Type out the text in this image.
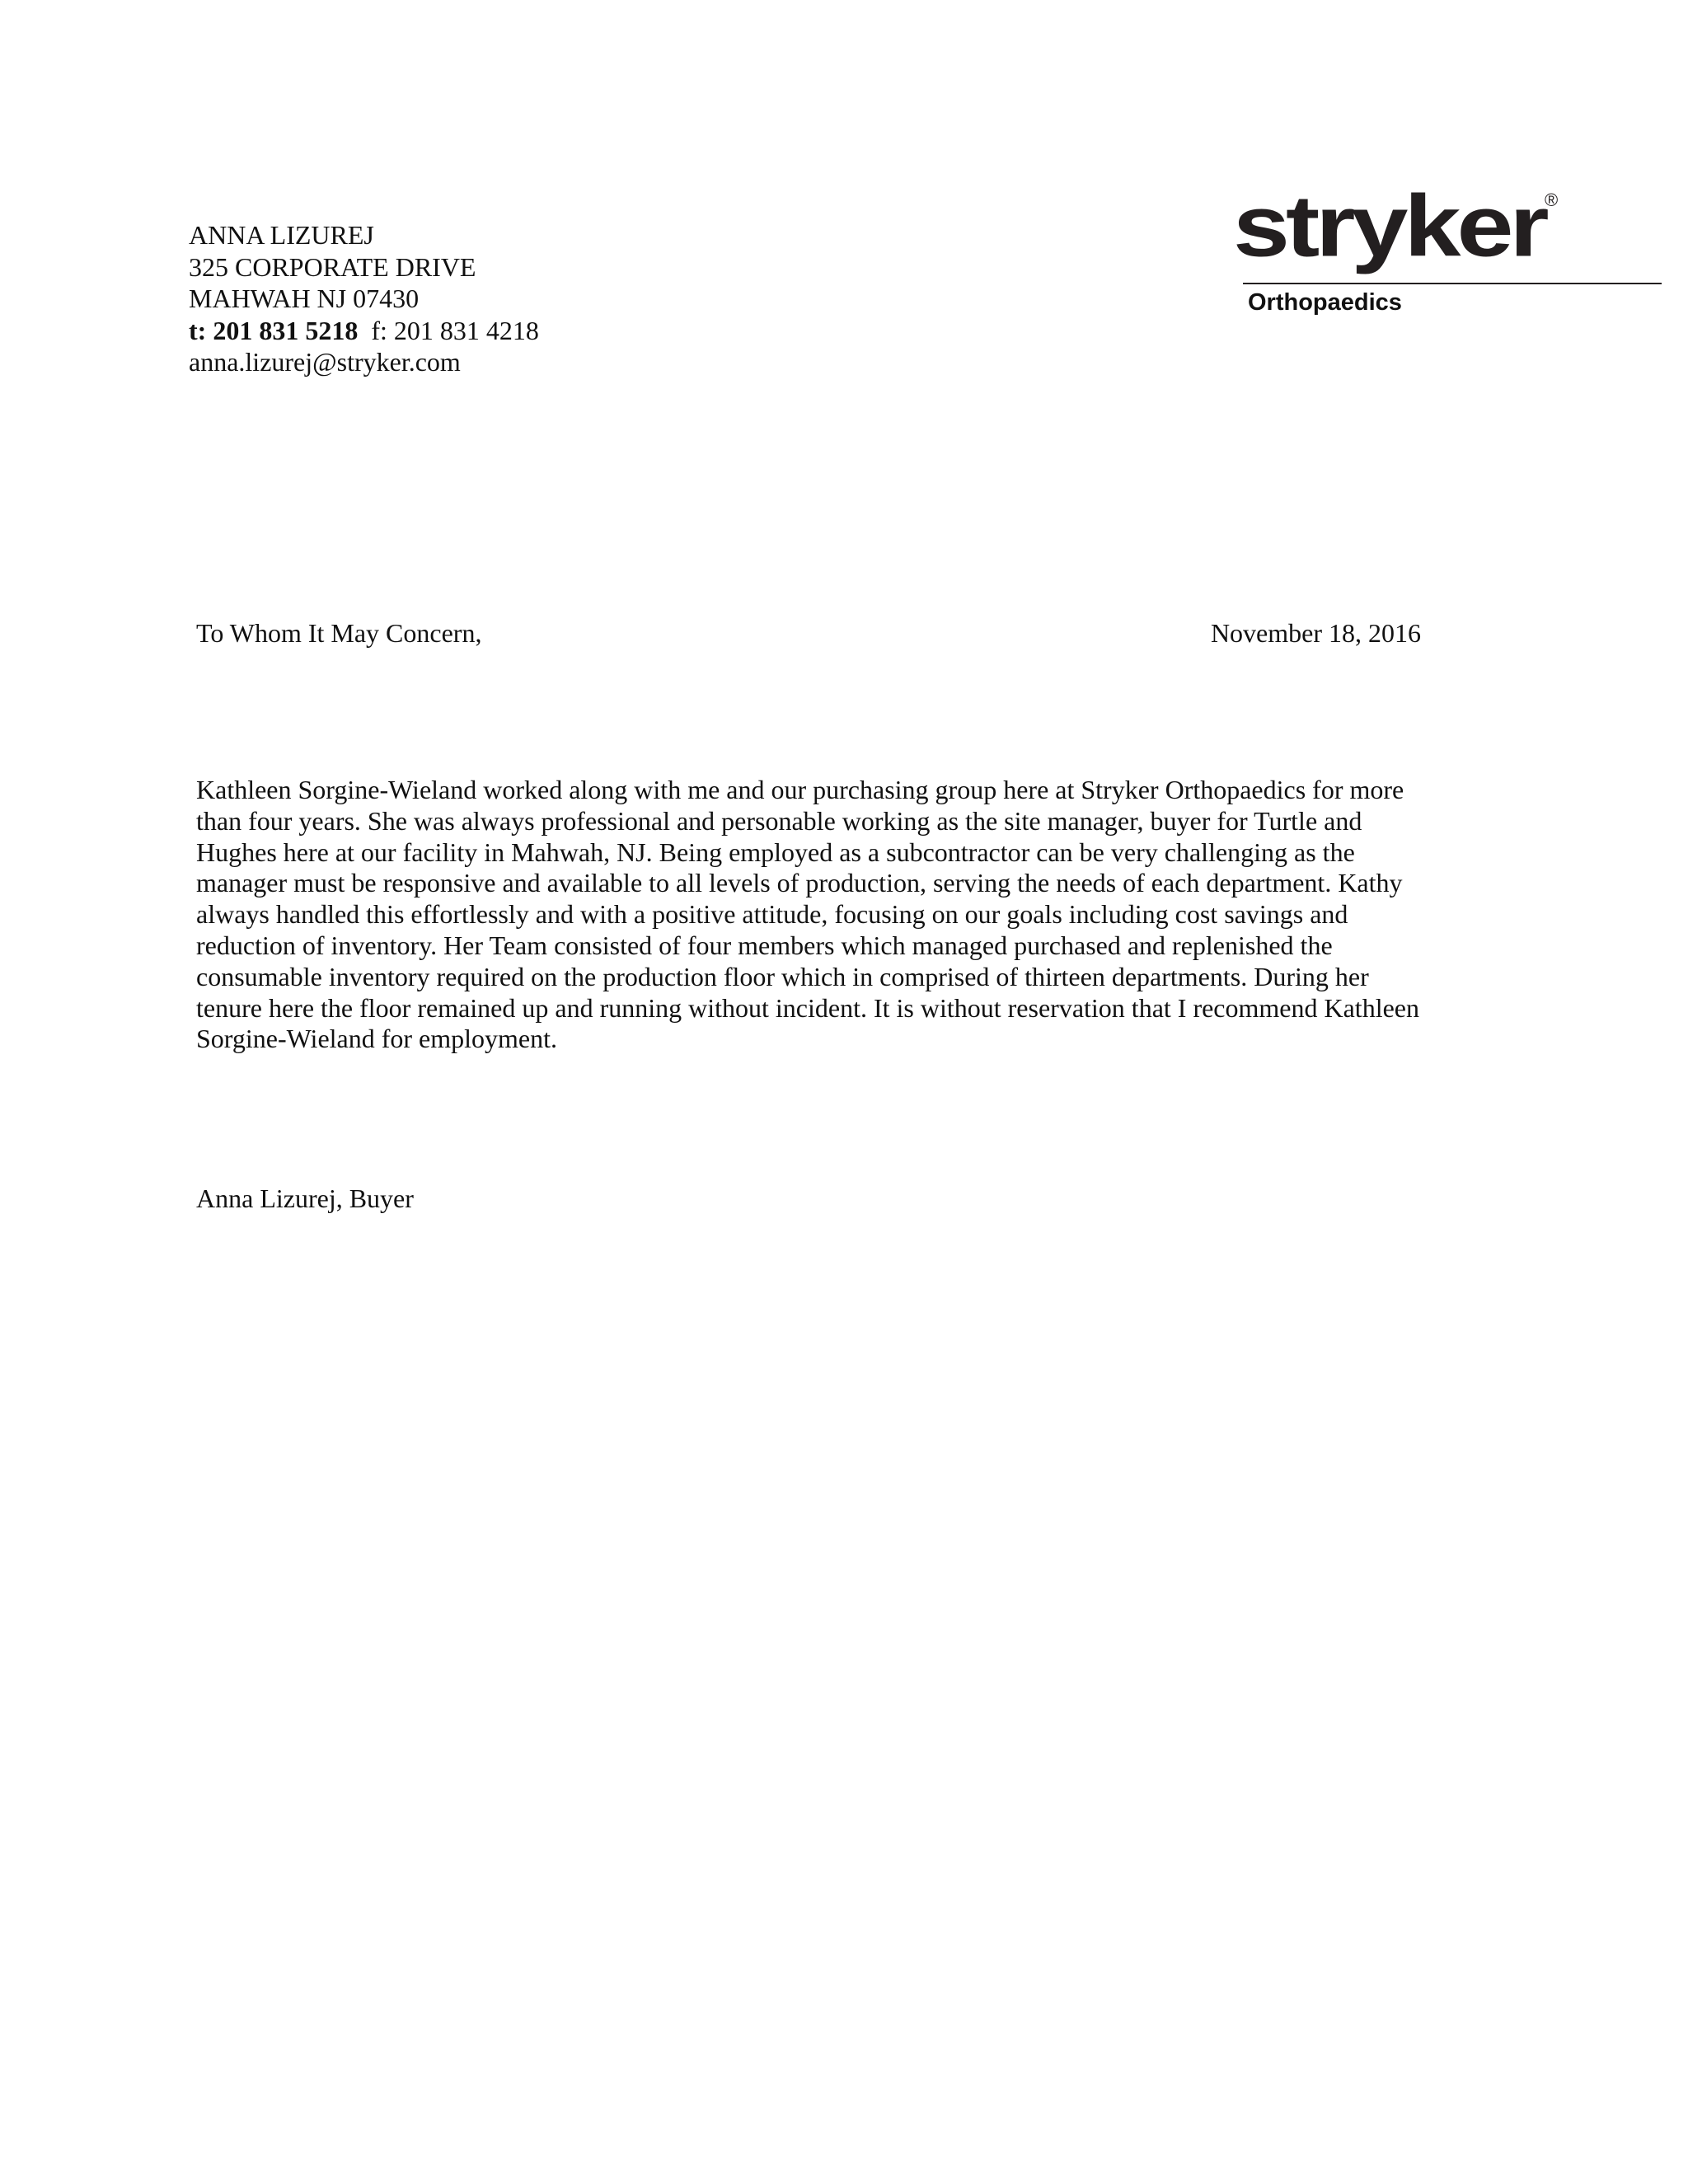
ANNA LIZUREJ
325 CORPORATE DRIVE
MAHWAH NJ 07430
t: 201 831 5218 f: 201 831 4218
anna.lizurej@stryker.com
stryker ®
Orthopaedics
To Whom It May Concern,	November 18, 2016
Kathleen Sorgine-Wieland worked along with me and our purchasing group here at Stryker Orthopaedics for more
than four years. She was always professional and personable working as the site manager, buyer for Turtle and
Hughes here at our facility in Mahwah, NJ. Being employed as a subcontractor can be very challenging as the
manager must be responsive and available to all levels of production, serving the needs of each department. Kathy
always handled this effortlessly and with a positive attitude, focusing on our goals including cost savings and
reduction of inventory. Her Team consisted of four members which managed purchased and replenished the
consumable inventory required on the production floor which in comprised of thirteen departments. During her
tenure here the floor remained up and running without incident. It is without reservation that I recommend Kathleen
Sorgine-Wieland for employment.
Anna Lizurej, Buyer
